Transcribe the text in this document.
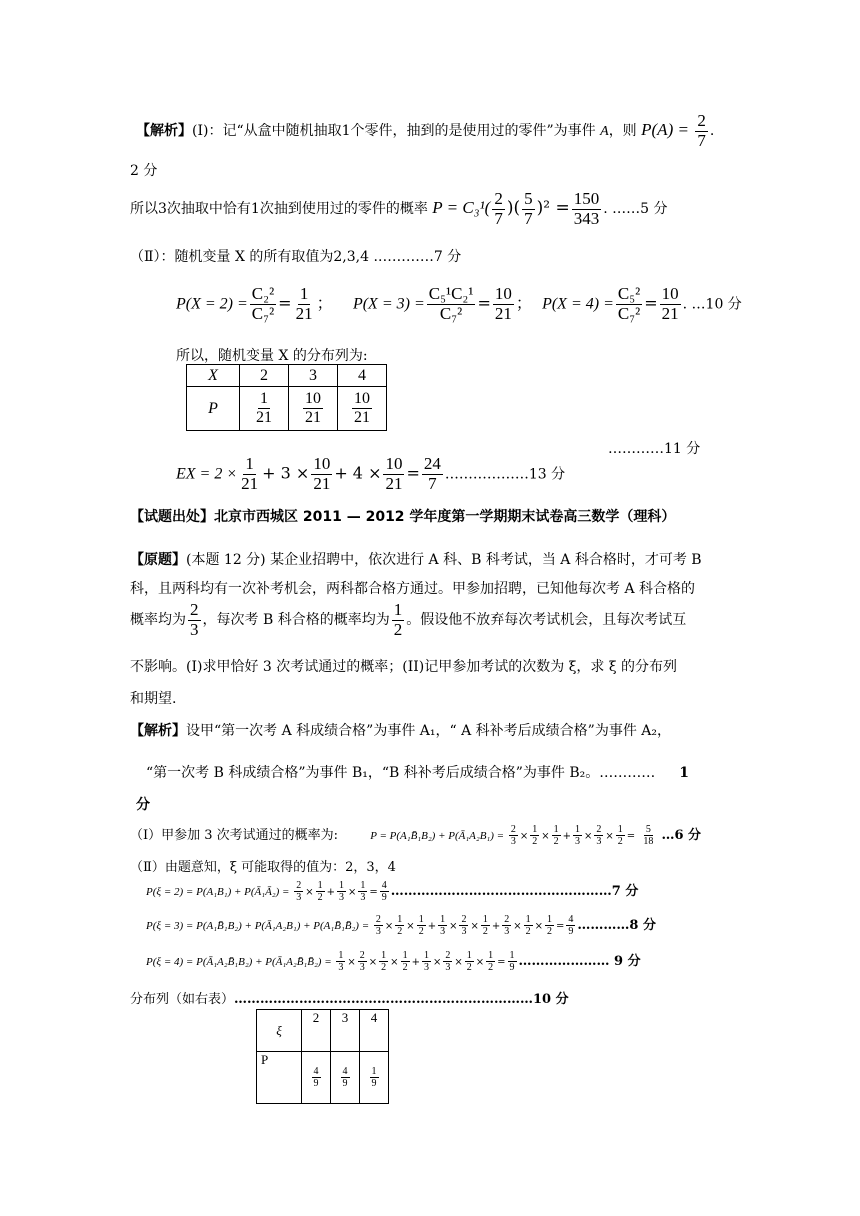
【解析】(Ⅰ)：记“从盒中随机抽取1个零件，抽到的是使用过的零件”为事件 A，则 $P(A) = \frac{2}{7}$ .
2 分
所以3次抽取中恰有1次抽到使用过的零件的概率 $P = C_3^1( \frac{2}{7}$ )( $\frac{5}{7} )^2 = \frac{150}{343}$ . ……5 分
（Ⅱ）：随机变量 X 的所有取值为2,3,4 .…………7 分
$P(X = 2) = \frac{\text{C₂²}}{\text{C₇²}} = \frac{1}{21}$ ； $P(X = 3) = \frac{\text{C₅¹C₂¹}}{\text{C₇²}} = \frac{10}{21}$ ； $P(X = 4) = \frac{\text{C₅²}}{\text{C₇²}} = \frac{10}{21}$ . …10 分
所以，随机变量 X 的分布列为:
X	2	3	4
P	$\frac{1}{21}$	$\frac{10}{21}$	$\frac{10}{21}$
…………11 分
EX = $2 \times \frac{1}{21} + 3 \times \frac{10}{21} + 4 \times \frac{10}{21} = \frac{24}{7}$ ………………13 分
【试题出处】北京市西城区 2011 — 2012 学年度第一学期期末试卷高三数学（理科）
【原题】(本题 12 分) 某企业招聘中，依次进行 A 科、B 科考试，当 A 科合格时，才可考 B
科，且两科均有一次补考机会，两科都合格方通过。甲参加招聘，已知他每次考 A 科合格的
概率均为 $\frac{2}{3}$ ，每次考 B 科合格的概率均为 $\frac{1}{2}$ 。假设他不放弃每次考试机会，且每次考试互
不影响。(I)求甲恰好 3 次考试通过的概率；(II)记甲参加考试的次数为 ξ，求 ξ 的分布列
和期望.
【解析】设甲“第一次考 A 科成绩合格”为事件 A₁，“ A 科补考后成绩合格”为事件 A₂，
“第一次考 B 科成绩合格”为事件 B₁，“B 科补考后成绩合格”为事件 B₂。………… 1
分
（Ⅰ）甲参加 3 次考试通过的概率为:	P = P(A₁B̄₁B₂) + P(Ā₁A₂B₁) = $\frac{2}{3} \times \frac{1}{2} \times \frac{1}{2} + \frac{1}{3} \times \frac{2}{3} \times \frac{1}{2} = \frac{5}{18}$ …6 分
（Ⅱ）由题意知，ξ 可能取得的值为：2，3，4
P(ξ = 2) = P(A₁B₁) + P(Ā₁Ā₂) = $\frac{2}{3} \times \frac{1}{2} + \frac{1}{3} \times \frac{1}{3} = \frac{4}{9}$ ……………………………………………7 分
P(ξ = 3) = P(A₁B̄₁B₂) + P(Ā₁A₂B₁) + P(A₁B̄₁B̄₂) = $\frac{2}{3} \times \frac{1}{2} \times \frac{1}{2} + \frac{1}{3} \times \frac{2}{3} \times \frac{1}{2} + \frac{2}{3} \times \frac{1}{2} \times \frac{1}{2} = \frac{4}{9}$ …………8 分
P(ξ = 4) = P(Ā₁A₂B̄₁B₂) + P(Ā₁A₂B̄₁B̄₂) = $\frac{1}{3} \times \frac{2}{3} \times \frac{1}{2} \times \frac{1}{2} + \frac{1}{3} \times \frac{2}{3} \times \frac{1}{2} \times \frac{1}{2} = \frac{1}{9}$ ………………… 9 分
分布列（如右表）……………………………………………………………10 分
ξ	2	3	4
P	$\frac{4}{9}$	$\frac{4}{9}$	$\frac{1}{9}$
